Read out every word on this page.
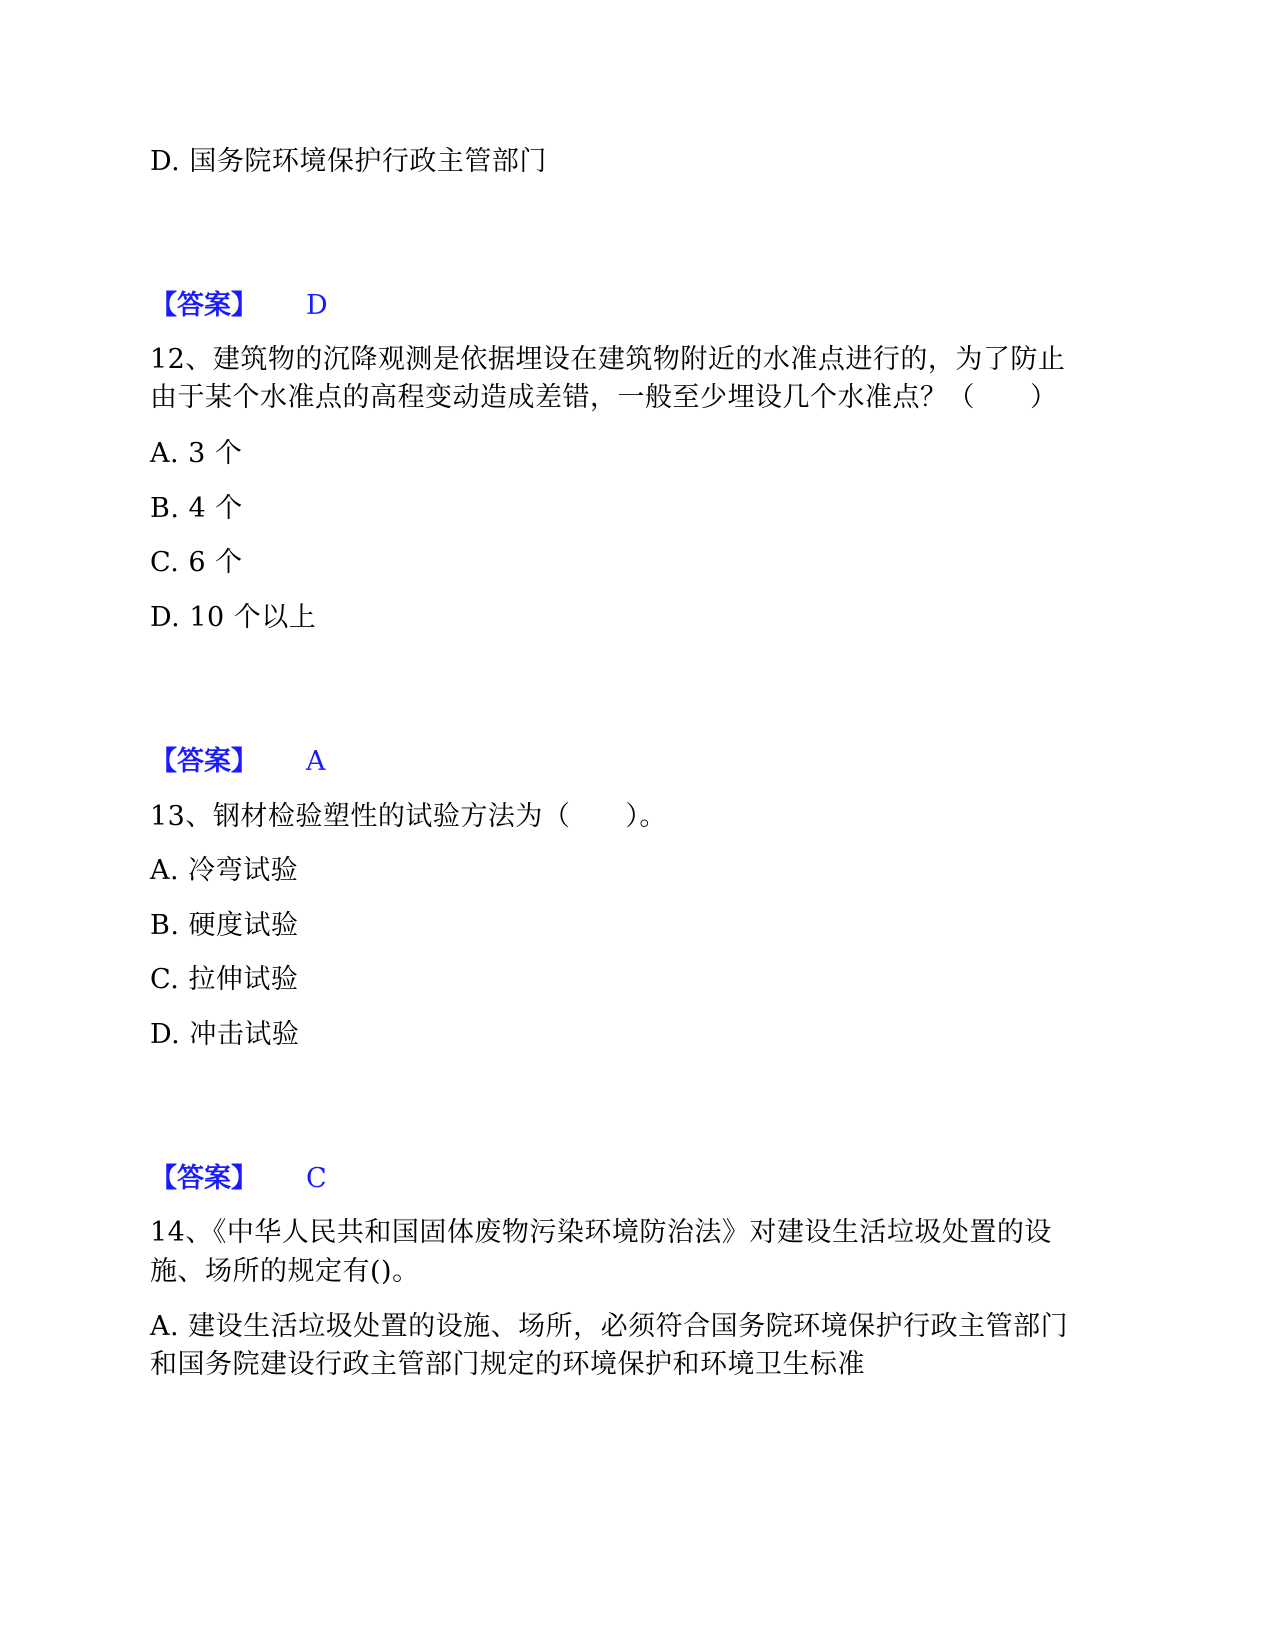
D. 国务院环境保护行政主管部门
【答案】 D
12、建筑物的沉降观测是依据埋设在建筑物附近的水准点进行的，为了防止
由于某个水准点的高程变动造成差错，一般至少埋设几个水准点？（　　）
A. 3 个
B. 4 个
C. 6 个
D. 10 个以上
【答案】 A
13、钢材检验塑性的试验方法为（　　）。
A. 冷弯试验
B. 硬度试验
C. 拉伸试验
D. 冲击试验
【答案】 C
14、《中华人民共和国固体废物污染环境防治法》对建设生活垃圾处置的设
施、场所的规定有()。
A. 建设生活垃圾处置的设施、场所，必须符合国务院环境保护行政主管部门
和国务院建设行政主管部门规定的环境保护和环境卫生标准
